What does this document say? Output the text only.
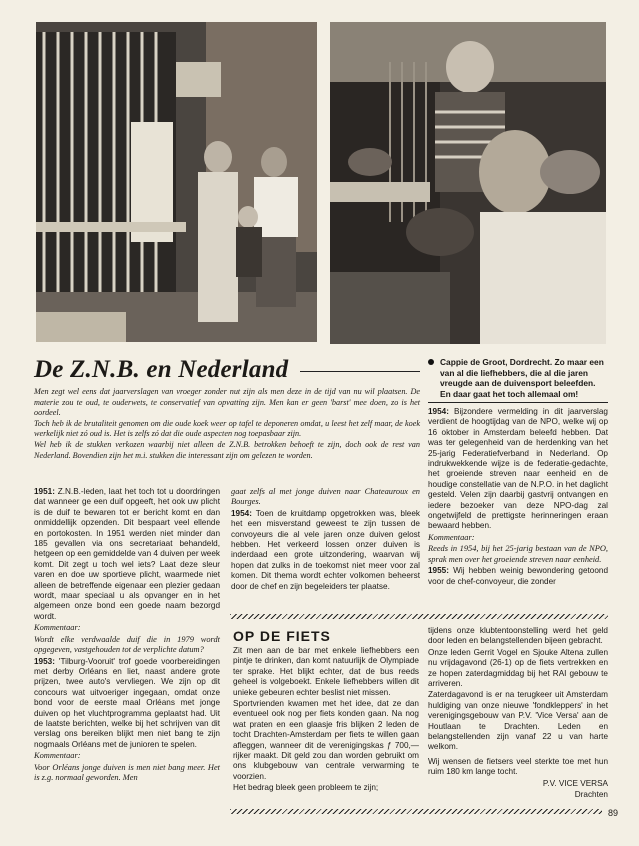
De Z.N.B. en Nederland

Men zegt wel eens dat jaarverslagen van vroeger zonder nut zijn als men deze in de tijd van nu wil plaatsen. De materie zou te oud, te ouderwets, te conservatief van opvatting zijn. Men kan er geen 'barst' mee doen, zo is het oordeel.

Toch heb ik de brutaliteit genomen om die oude koek weer op tafel te deponeren omdat, u leest het zelf maar, de koek werkelijk niet zó oud is. Het is zelfs zó dat die oude aspecten nog toepasbaar zijn.

Wel heb ik de stukken verkozen waarbij niet alleen de Z.N.B. betrokken behoeft te zijn, doch ook de rest van Nederland. Bovendien zijn het m.i. stukken die interessant zijn om gelezen te worden.

1951: Z.N.B.-leden, laat het toch tot u doordringen dat wanneer ge een duif opgeeft, het ook uw plicht is de duif te bewaren tot er bericht komt en dan onmiddellijk opzenden. Dit bespaart veel ellende en portokosten. In 1951 werden niet minder dan 185 gevallen via ons secretariaat behandeld, hetgeen op een gemiddelde van 4 duiven per week komt. Dit zegt u toch wel iets? Laat deze sleur varen en doe uw sportieve plicht, waarmede niet alleen de betreffende eigenaar een plezier gedaan wordt, maar speciaal u als opvanger en in het algemeen onze bond een goede naam bezorgd wordt.

Kommentaar:

Wordt elke verdwaalde duif die in 1979 wordt opgegeven, vastgehouden tot de verplichte datum?

1953: 'Tilburg-Vooruit' trof goede voorbereidingen met derby Orléans en liet, naast andere grote prijzen, twee auto's vervliegen. We zijn op dit concours wat uitvoeriger ingegaan, omdat onze bond voor de eerste maal Orléans met jonge duiven op het vluchtprogramma geplaatst had. Uit de laatste berichten, welke bij het schrijven van dit verslag ons bereiken blijkt men niet bang te zijn nogmaals Orléans met de junioren te spelen.

Kommentaar:

Voor Orléans jonge duiven is men niet bang meer. Het is z.g. normaal geworden. Men

gaat zelfs al met jonge duiven naar Chateauroux en Bourges.

1954: Toen de kruitdamp opgetrokken was, bleek het een misverstand geweest te zijn tussen de convoyeurs die al vele jaren onze duiven gelost hebben. Het verkeerd lossen onzer duiven is inderdaad een grote uitzondering, waarvan wij hopen dat zulks in de toekomst niet meer voor zal komen. Dit thema wordt echter volkomen beheerst door de chef en zijn begeleiders ter plaatse.

Cappie de Groot, Dordrecht. Zo maar een van al die liefhebbers, die al die jaren vreugde aan de duivensport beleefden. En daar gaat het toch allemaal om!

1954: Bijzondere vermelding in dit jaarverslag verdient de hoogtijdag van de NPO, welke wij op 16 oktober in Amsterdam beleefd hebben. Dat was ter gelegenheid van de herdenking van het 25-jarig Federatiefverband in Nederland. Op indrukwekkende wijze is de federatie-gedachte, het groeiende streven naar eenheid en de houdige constellatie van de N.P.O. in het daglicht gesteld. Velen zijn daarbij gastvrij ontvangen en iedere bezoeker van deze NPO-dag zal ongetwijfeld de prettigste herinneringen eraan bewaard hebben.

Kommentaar:

Reeds in 1954, bij het 25-jarig bestaan van de NPO, sprak men over het groeiende streven naar eenheid.

1955: Wij hebben weinig bewondering getoond voor de chef-convoyeur, die zonder

OP DE FIETS

Zit men aan de bar met enkele liefhebbers een pintje te drinken, dan komt natuurlijk de Olympiade ter sprake. Het blijkt echter, dat de bus reeds geheel is volgeboekt. Enkele liefhebbers willen dit unieke gebeuren echter beslist niet missen.

Sportvrienden kwamen met het idee, dat ze dan eventueel ook nog per fiets konden gaan. Na nog wat praten en een glaasje fris blijken 2 leden de tocht Drachten-Amsterdam per fiets te willen gaan afleggen, wanneer dit de verenigingskas ƒ 700,— rijker maakt. Dit geld zou dan worden gebruikt om ons klubgebouw van centrale verwarming te voorzien.

Het bedrag bleek geen probleem te zijn;

tijdens onze klubtentoonstelling werd het geld door leden en belangstellenden bijeen gebracht.

Onze leden Gerrit Vogel en Sjouke Altena zullen nu vrijdagavond (26-1) op de fiets vertrekken en ze hopen zaterdagmiddag bij het RAI gebouw te arriveren.

Zaterdagavond is er na terugkeer uit Amsterdam huldiging van onze nieuwe 'fondkleppers' in het verenigingsgebouw van P.V. 'Vice Versa' aan de Houtlaan te Drachten. Leden en belangstellenden zijn vanaf 22 u van harte welkom.

Wij wensen de fietsers veel sterkte toe met hun ruim 180 km lange tocht.

P.V. VICE VERSA

Drachten

89
